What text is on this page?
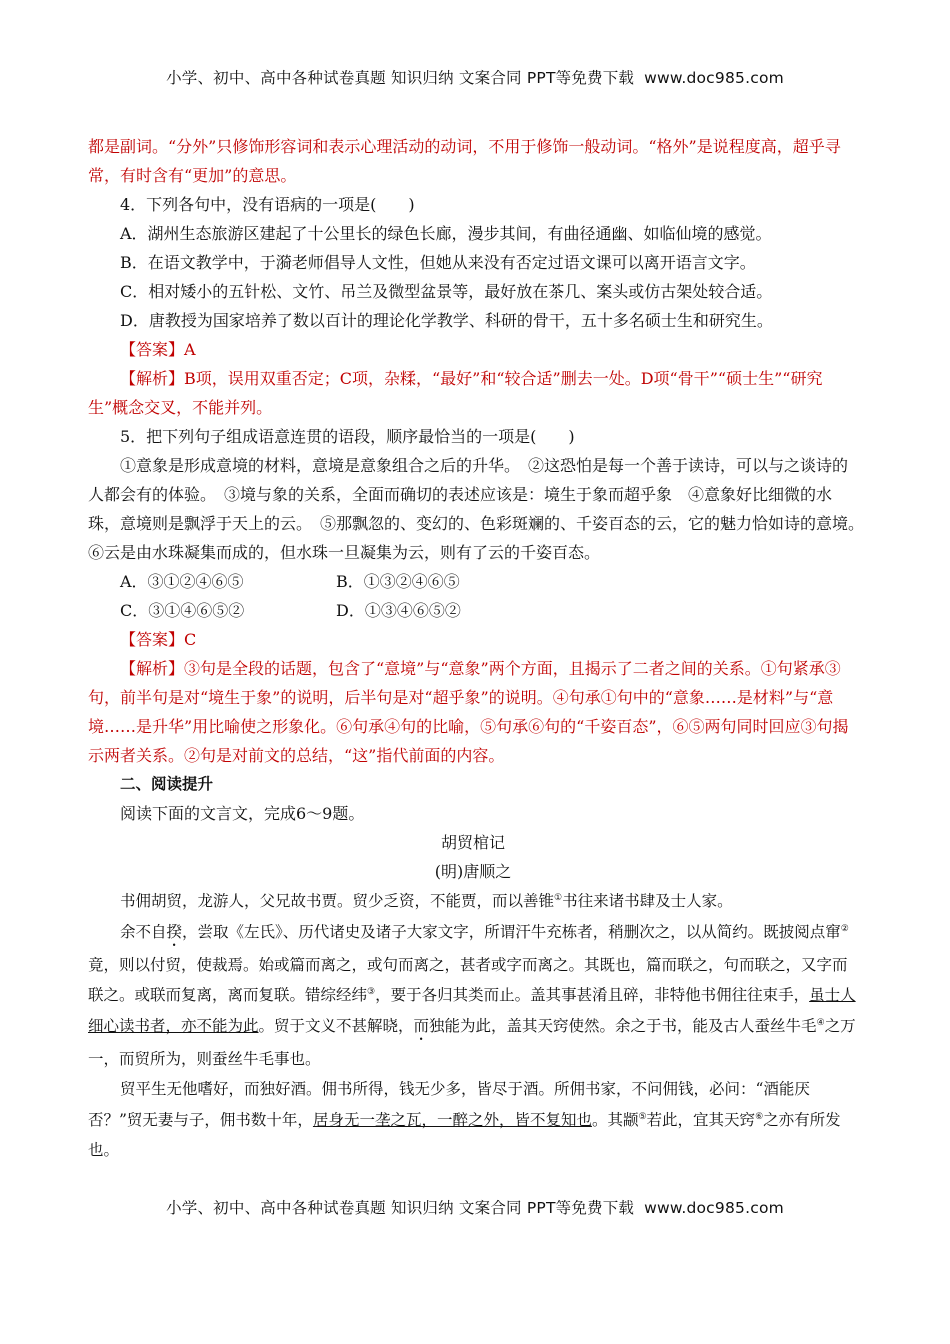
小学、初中、高中各种试卷真题 知识归纳 文案合同 PPT等免费下载 www.doc985.com

都是副词。“分外”只修饰形容词和表示心理活动的动词，不用于修饰一般动词。“格外”是说程度高，超乎寻常，有时含有“更加”的意思。

4．下列各句中，没有语病的一项是(　　)

A．湖州生态旅游区建起了十公里长的绿色长廊，漫步其间，有曲径通幽、如临仙境的感觉。

B．在语文教学中，于漪老师倡导人文性，但她从来没有否定过语文课可以离开语言文字。

C．相对矮小的五针松、文竹、吊兰及微型盆景等，最好放在茶几、案头或仿古架处较合适。

D．唐教授为国家培养了数以百计的理论化学教学、科研的骨干，五十多名硕士生和研究生。

【答案】A

【解析】B项，误用双重否定；C项，杂糅，“最好”和“较合适”删去一处。D项“骨干”“硕士生”“研究生”概念交叉，不能并列。

5．把下列句子组成语意连贯的语段，顺序最恰当的一项是(　　)

①意象是形成意境的材料，意境是意象组合之后的升华。　②这恐怕是每一个善于读诗，可以与之谈诗的人都会有的体验。　③境与象的关系，全面而确切的表述应该是：境生于象而超乎象　④意象好比细微的水珠，意境则是飘浮于天上的云。　⑤那飘忽的、变幻的、色彩斑斓的、千姿百态的云，它的魅力恰如诗的意境。　⑥云是由水珠凝集而成的，但水珠一旦凝集为云，则有了云的千姿百态。

A．③①②④⑥⑤	B．①③②④⑥⑤
C．③①④⑥⑤②	D．①③④⑥⑤②

【答案】C

【解析】③句是全段的话题，包含了“意境”与“意象”两个方面，且揭示了二者之间的关系。①句紧承③句，前半句是对“境生于象”的说明，后半句是对“超乎象”的说明。④句承①句中的“意象……是材料”与“意境……是升华”用比喻使之形象化。⑥句承④句的比喻，⑤句承⑥句的“千姿百态”，⑥⑤两句同时回应③句揭示两者关系。②句是对前文的总结，“这”指代前面的内容。

二、阅读提升

阅读下面的文言文，完成6～9题。

胡贸棺记

(明)唐顺之

书佣胡贸，龙游人，父兄故书贾。贸少乏资，不能贾，而以善锥①书往来诸书肆及士人家。

余不自揆，尝取《左氏》、历代诸史及诸子大家文字，所谓汗牛充栋者，稍删次之，以从简约。既披阅点窜②竟，则以付贸，使裁焉。始或篇而离之，或句而离之，甚者或字而离之。其既也，篇而联之，句而联之，又字而联之。或联而复离，离而复联。错综经纬③，要于各归其类而止。盖其事甚淆且碎，非特他书佣往往束手，虽士人细心读书者，亦不能为此。贸于文义不甚解晓，而独能为此，盖其天窍使然。余之于书，能及古人蚕丝牛毛④之万一，而贸所为，则蚕丝牛毛事也。

贸平生无他嗜好，而独好酒。佣书所得，钱无少多，皆尽于酒。所佣书家，不问佣钱，必问：“酒能厌否？”贸无妻与子，佣书数十年，居身无一垄之瓦，一醉之外，皆不复知也。其颛⑤若此，宜其天窍⑥之亦有所发也。

小学、初中、高中各种试卷真题 知识归纳 文案合同 PPT等免费下载 www.doc985.com
